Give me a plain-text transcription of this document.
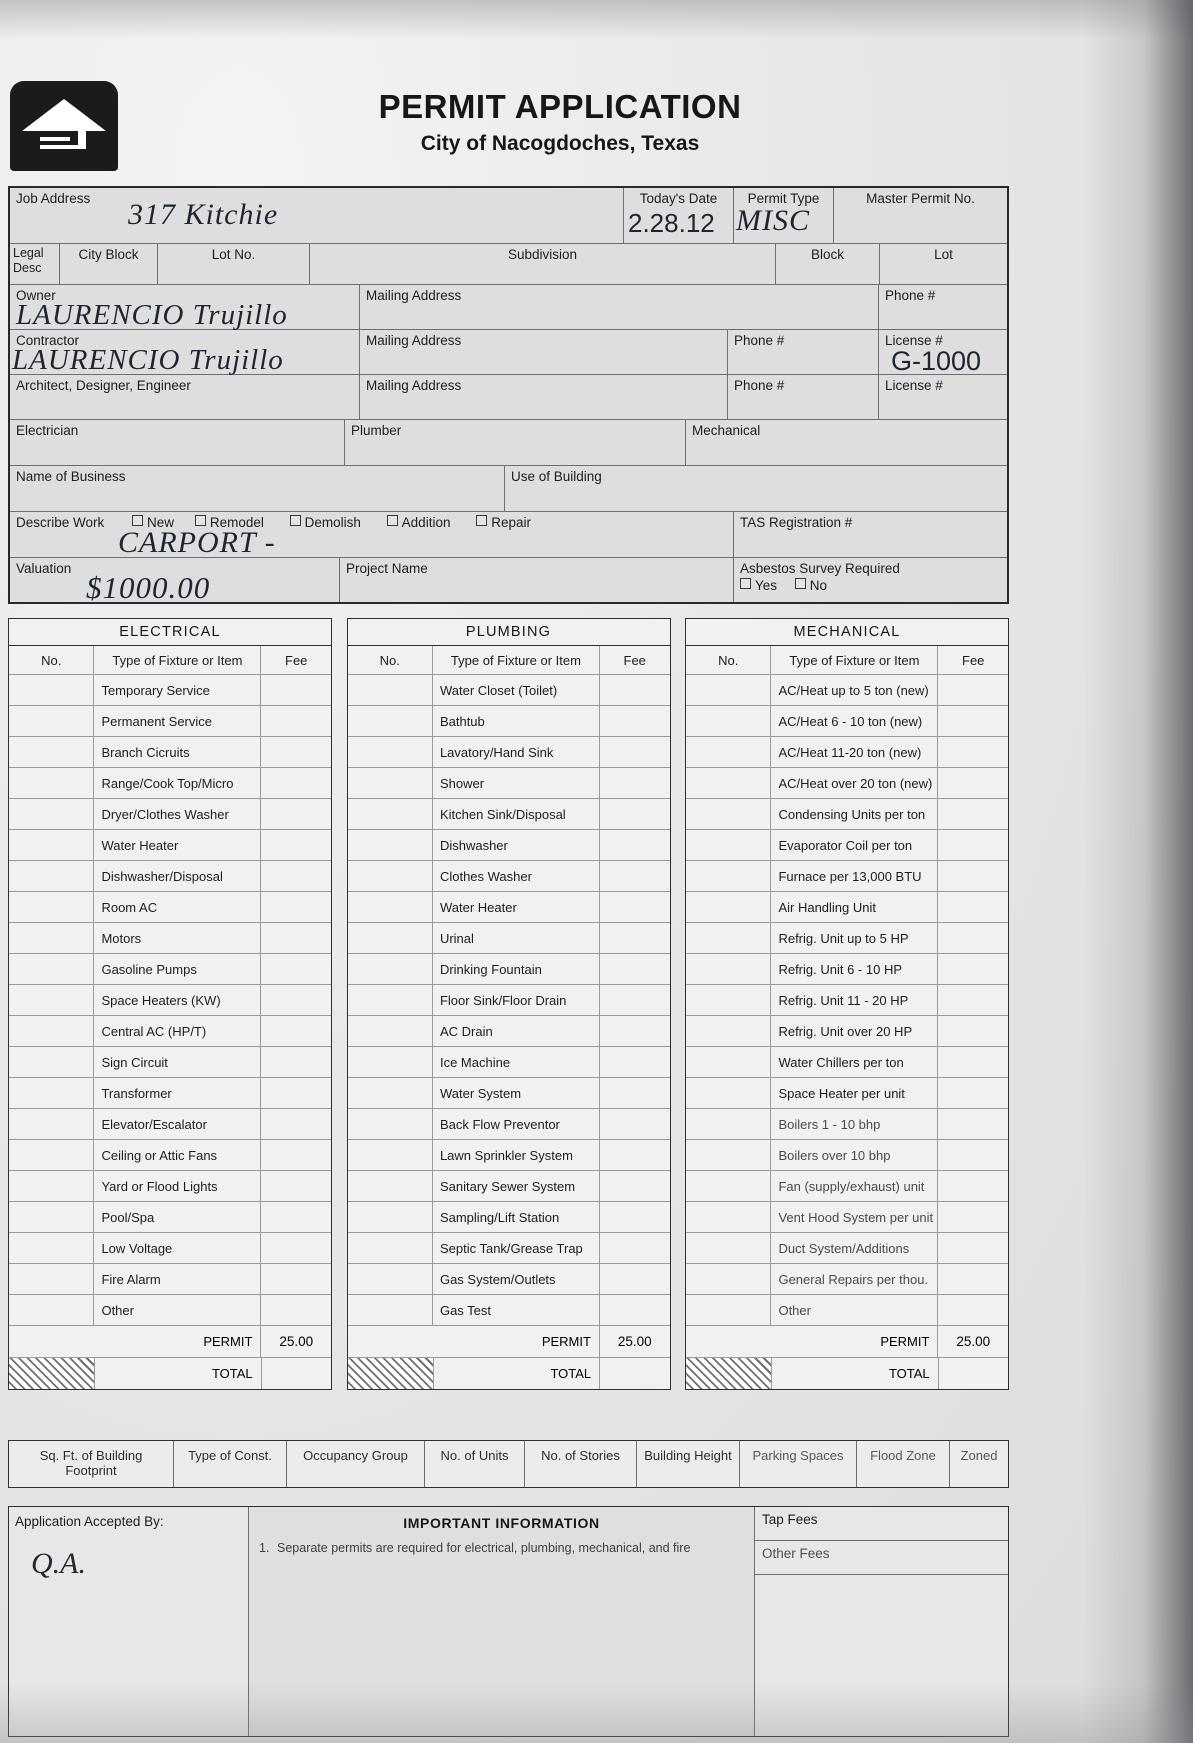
PERMIT APPLICATION
City of Nacogdoches, Texas
Job Address	317 Kitchie	Today's Date
2.28.12
Permit Type
MISC
Master Permit No.
Legal Desc
City Block	Lot No.	Subdivision	Block	Lot
Owner
LAURENCIO Trujillo
Mailing Address	Phone #
Contractor
LAURENCIO Trujillo
Mailing Address	Phone #	License #
G-1000
Architect, Designer, Engineer	Mailing Address	Phone #	License #
Electrician	Plumber	Mechanical
Name of Business	Use of Building
Describe Work	New	Remodel	Demolish	Addition	Repair
CARPORT -
TAS Registration #
Valuation
$1000.00
Project Name	Asbestos Survey Required
Yes No
ELECTRICAL
No.	Type of Fixture or Item	Fee
Temporary Service
Permanent Service
Branch Cicruits
Range/Cook Top/Micro
Dryer/Clothes Washer
Water Heater
Dishwasher/Disposal
Room AC
Motors
Gasoline Pumps
Space Heaters (KW)
Central AC (HP/T)
Sign Circuit
Transformer
Elevator/Escalator
Ceiling or Attic Fans
Yard or Flood Lights
Pool/Spa
Low Voltage
Fire Alarm
Other
PERMIT	25.00
TOTAL
PLUMBING
No.	Type of Fixture or Item	Fee
Water Closet (Toilet)
Bathtub
Lavatory/Hand Sink
Shower
Kitchen Sink/Disposal
Dishwasher
Clothes Washer
Water Heater
Urinal
Drinking Fountain
Floor Sink/Floor Drain
AC Drain
Ice Machine
Water System
Back Flow Preventor
Lawn Sprinkler System
Sanitary Sewer System
Sampling/Lift Station
Septic Tank/Grease Trap
Gas System/Outlets
Gas Test
PERMIT	25.00
TOTAL
MECHANICAL
No.	Type of Fixture or Item	Fee
AC/Heat up to 5 ton (new)
AC/Heat 6 - 10 ton (new)
AC/Heat 11-20 ton (new)
AC/Heat over 20 ton (new)
Condensing Units per ton
Evaporator Coil per ton
Furnace per 13,000 BTU
Air Handling Unit
Refrig. Unit up to 5 HP
Refrig. Unit 6 - 10 HP
Refrig. Unit 11 - 20 HP
Refrig. Unit over 20 HP
Water Chillers per ton
Space Heater per unit
Boilers 1 - 10 bhp
Boilers over 10 bhp
Fan (supply/exhaust) unit
Vent Hood System per unit
Duct System/Additions
General Repairs per thou.
Other
PERMIT	25.00
TOTAL
Sq. Ft. of Building Footprint
Type of Const.	Occupancy Group	No. of Units	No. of Stories	Building Height	Parking Spaces	Flood Zone	Zoned
Application Accepted By:
Q.A.
IMPORTANT INFORMATION
1. Separate permits are required for electrical, plumbing, mechanical, and fire
Tap Fees
Other Fees
